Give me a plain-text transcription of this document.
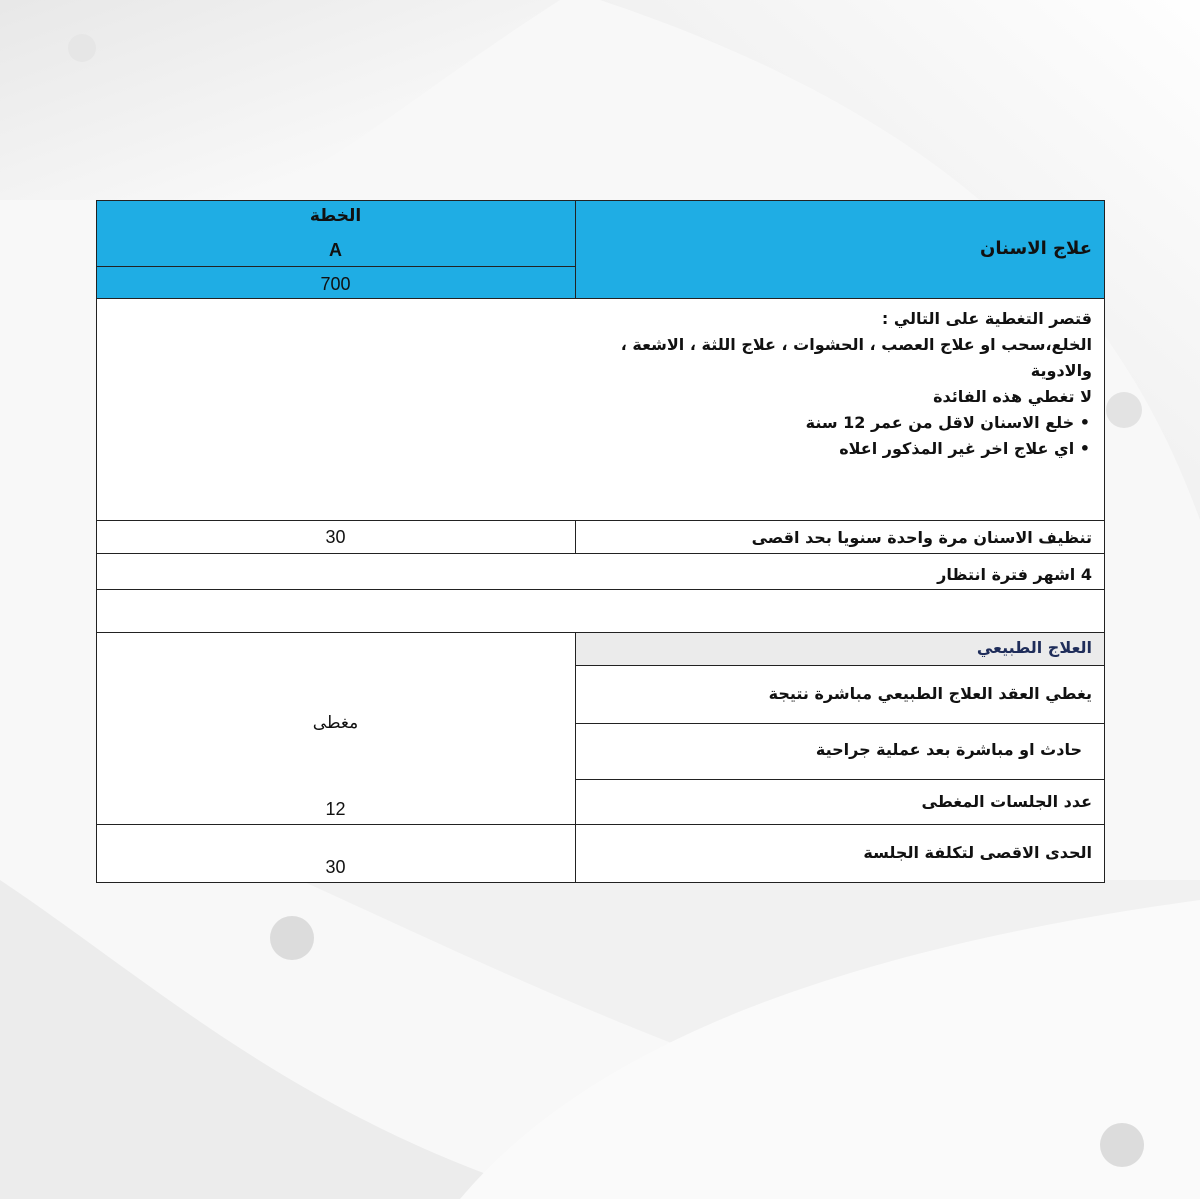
الخطة
A
700
علاج الاسنان
قتصر التغطية على التالي :
الخلع،سحب او علاج العصب ، الحشوات ، علاج اللثة ، الاشعة ،
والادوية
لا تغطي هذه الفائدة
• خلع الاسنان لاقل من عمر 12 سنة
• اي علاج اخر غير المذكور اعلاه
30	تنظيف الاسنان مرة واحدة سنويا بحد اقصى
4 اشهر فترة انتظار
العلاج الطبيعي
يغطي العقد العلاج الطبيعي مباشرة نتيجة
حادث او مباشرة بعد عملية جراحية
مغطى
عدد الجلسات المغطى
12
الحدى الاقصى لتكلفة الجلسة
30
